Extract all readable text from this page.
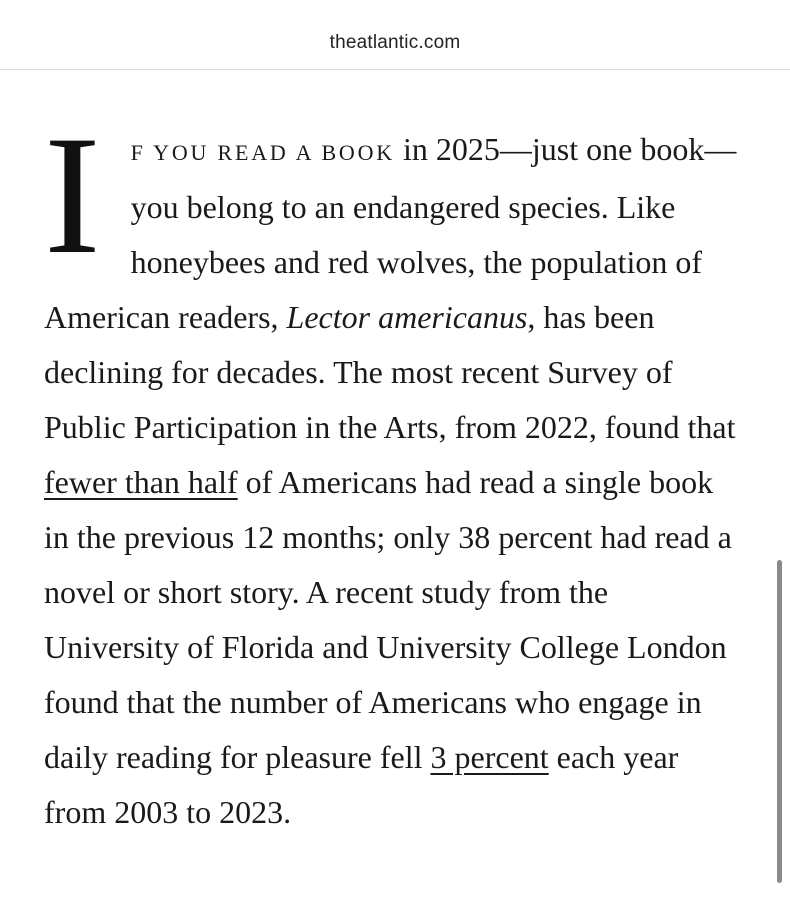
theatlantic.com

I F YOU READ A BOOK in 2025—just one book—you belong to an endangered species. Like honeybees and red wolves, the population of American readers, Lector americanus, has been declining for decades. The most recent Survey of Public Participation in the Arts, from 2022, found that fewer than half of Americans had read a single book in the previous 12 months; only 38 percent had read a novel or short story. A recent study from the University of Florida and University College London found that the number of Americans who engage in daily reading for pleasure fell 3 percent each year from 2003 to 2023.
